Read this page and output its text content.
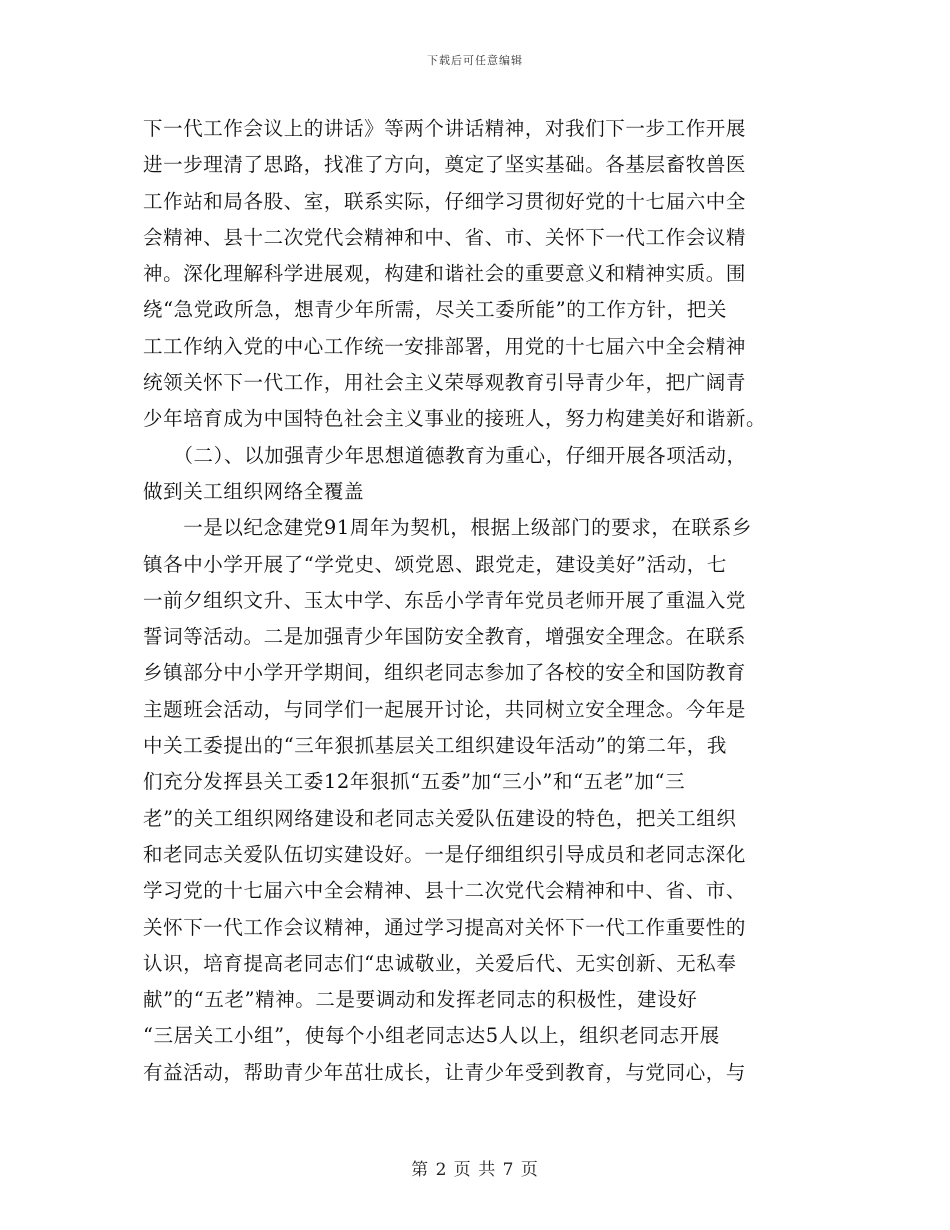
下载后可任意编辑
下一代工作会议上的讲话》等两个讲话精神，对我们下一步工作开展
进一步理清了思路，找准了方向，奠定了坚实基础。各基层畜牧兽医
工作站和局各股、室，联系实际，仔细学习贯彻好党的十七届六中全
会精神、县十二次党代会精神和中、省、市、关怀下一代工作会议精
神。深化理解科学进展观，构建和谐社会的重要意义和精神实质。围
绕“急党政所急，想青少年所需，尽关工委所能”的工作方针，把关
工工作纳入党的中心工作统一安排部署，用党的十七届六中全会精神
统领关怀下一代工作，用社会主义荣辱观教育引导青少年，把广阔青
少年培育成为中国特色社会主义事业的接班人，努力构建美好和谐新。
　　（二）、以加强青少年思想道德教育为重心，仔细开展各项活动，
做到关工组织网络全覆盖
　　一是以纪念建党91周年为契机，根据上级部门的要求，在联系乡
镇各中小学开展了“学党史、颂党恩、跟党走，建设美好”活动，七
一前夕组织文升、玉太中学、东岳小学青年党员老师开展了重温入党
誓词等活动。二是加强青少年国防安全教育，增强安全理念。在联系
乡镇部分中小学开学期间，组织老同志参加了各校的安全和国防教育
主题班会活动，与同学们一起展开讨论，共同树立安全理念。今年是
中关工委提出的“三年狠抓基层关工组织建设年活动”的第二年，我
们充分发挥县关工委12年狠抓“五委”加“三小”和“五老”加“三
老”的关工组织网络建设和老同志关爱队伍建设的特色，把关工组织
和老同志关爱队伍切实建设好。一是仔细组织引导成员和老同志深化
学习党的十七届六中全会精神、县十二次党代会精神和中、省、市、
关怀下一代工作会议精神，通过学习提高对关怀下一代工作重要性的
认识，培育提高老同志们“忠诚敬业，关爱后代、无实创新、无私奉
献”的“五老”精神。二是要调动和发挥老同志的积极性，建设好
“三居关工小组”，使每个小组老同志达5人以上，组织老同志开展
有益活动，帮助青少年茁壮成长，让青少年受到教育，与党同心，与
第 2 页 共 7 页
